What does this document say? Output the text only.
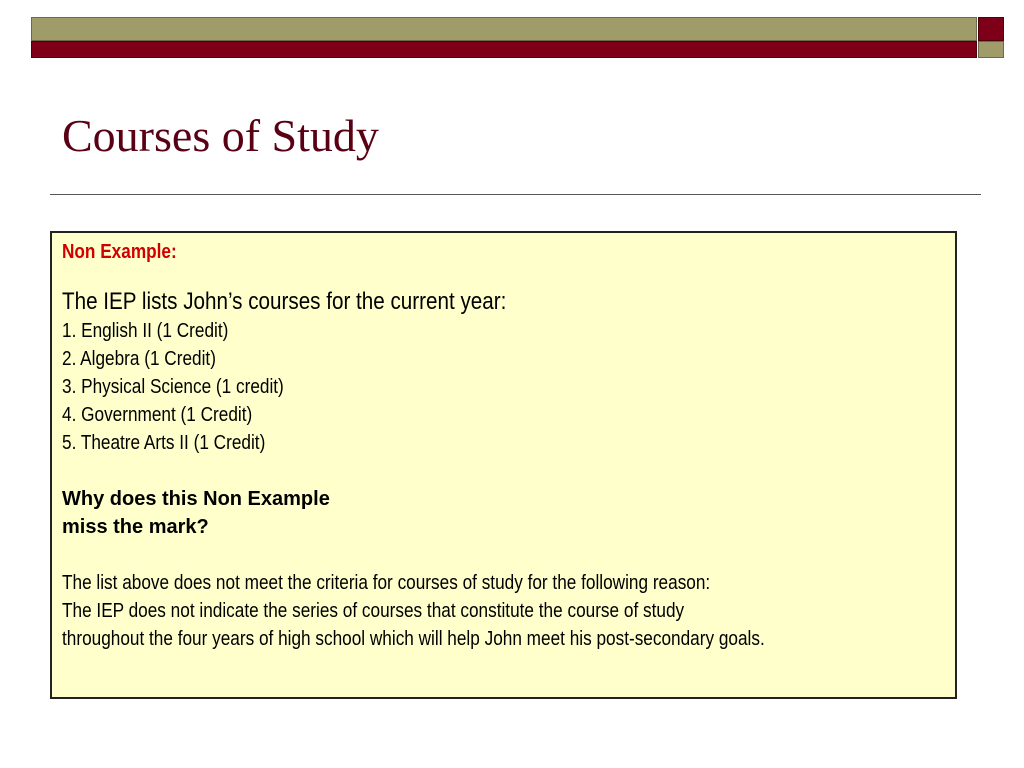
Courses of Study
Non Example:
The IEP lists John’s courses for the current year:
1. English II (1 Credit)
2. Algebra (1 Credit)
3. Physical Science (1 credit)
4. Government (1 Credit)
5. Theatre Arts II (1 Credit)
Why does this Non Example
miss the mark?
The list above does not meet the criteria for courses of study for the following reason:
The IEP does not indicate the series of courses that constitute the course of study
throughout the four years of high school which will help John meet his post-secondary goals.
